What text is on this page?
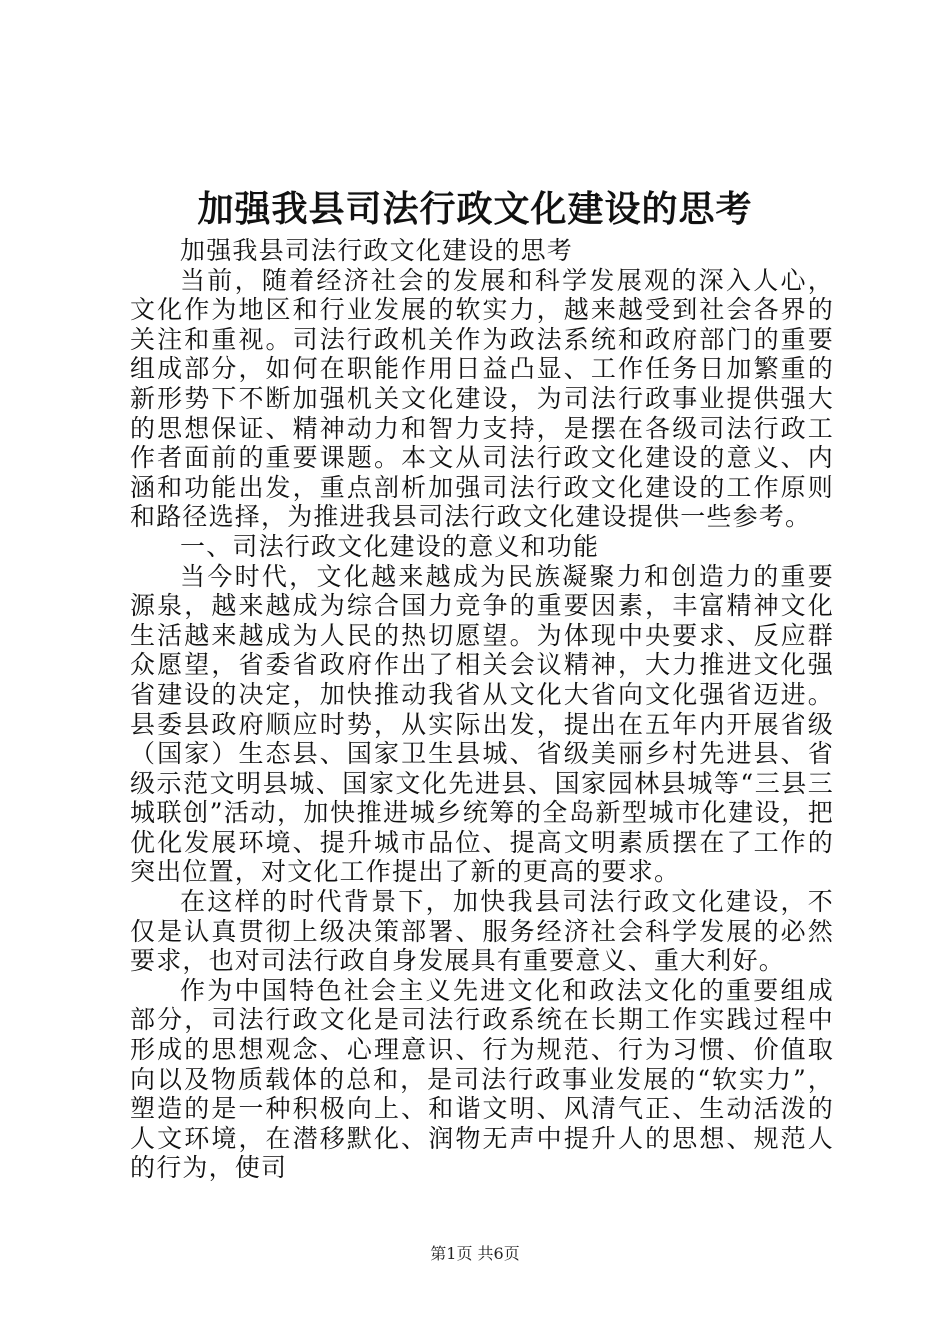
加强我县司法行政文化建设的思考

加强我县司法行政文化建设的思考

当前，随着经济社会的发展和科学发展观的深入人心，文化作为地区和行业发展的软实力，越来越受到社会各界的关注和重视。司法行政机关作为政法系统和政府部门的重要组成部分，如何在职能作用日益凸显、工作任务日加繁重的新形势下不断加强机关文化建设，为司法行政事业提供强大的思想保证、精神动力和智力支持，是摆在各级司法行政工作者面前的重要课题。本文从司法行政文化建设的意义、内涵和功能出发，重点剖析加强司法行政文化建设的工作原则和路径选择，为推进我县司法行政文化建设提供一些参考。

一、司法行政文化建设的意义和功能

当今时代，文化越来越成为民族凝聚力和创造力的重要源泉，越来越成为综合国力竞争的重要因素，丰富精神文化生活越来越成为人民的热切愿望。为体现中央要求、反应群众愿望，省委省政府作出了相关会议精神，大力推进文化强省建设的决定，加快推动我省从文化大省向文化强省迈进。县委县政府顺应时势，从实际出发，提出在五年内开展省级（国家）生态县、国家卫生县城、省级美丽乡村先进县、省级示范文明县城、国家文化先进县、国家园林县城等“三县三城联创”活动，加快推进城乡统筹的全岛新型城市化建设，把优化发展环境、提升城市品位、提高文明素质摆在了工作的突出位置，对文化工作提出了新的更高的要求。

在这样的时代背景下，加快我县司法行政文化建设，不仅是认真贯彻上级决策部署、服务经济社会科学发展的必然要求，也对司法行政自身发展具有重要意义、重大利好。

作为中国特色社会主义先进文化和政法文化的重要组成部分，司法行政文化是司法行政系统在长期工作实践过程中形成的思想观念、心理意识、行为规范、行为习惯、价值取向以及物质载体的总和，是司法行政事业发展的“软实力”，塑造的是一种积极向上、和谐文明、风清气正、生动活泼的人文环境，在潜移默化、润物无声中提升人的思想、规范人的行为，使司

第1页 共6页
